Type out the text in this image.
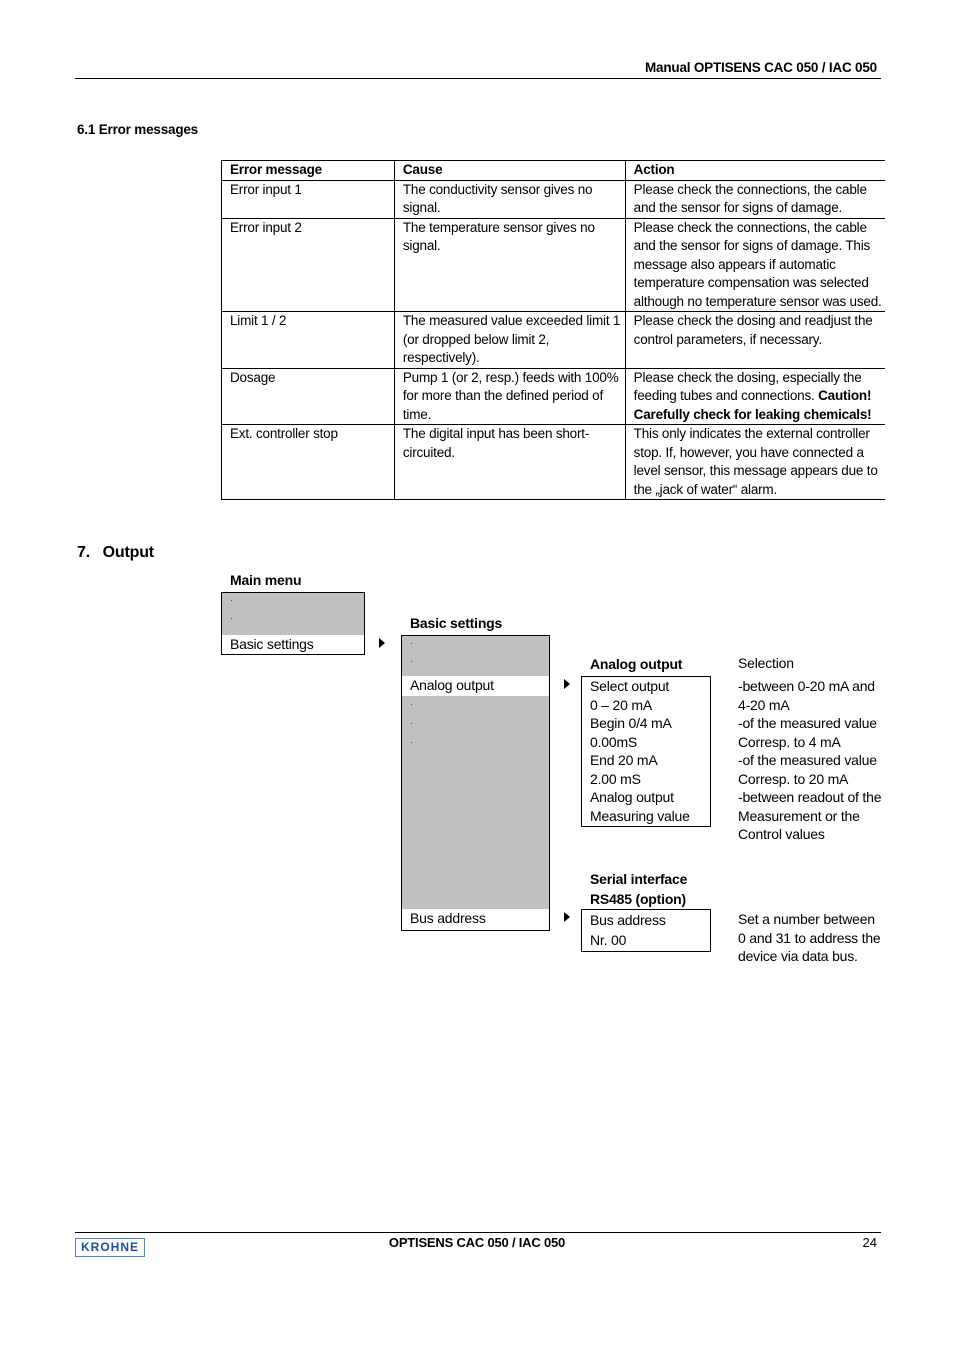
Manual OPTISENS CAC 050 / IAC 050
6.1 Error messages
Error message	Cause	Action
Error input 1	The conductivity sensor gives no signal.	Please check the connections, the cable and the sensor for signs of damage.
Error input 2	The temperature sensor gives no signal.	Please check the connections, the cable and the sensor for signs of damage. This message also appears if automatic temperature compensation was selected although no temperature sensor was used.
Limit 1 / 2	The measured value exceeded limit 1 (or dropped below limit 2, respectively).	Please check the dosing and readjust the control parameters, if necessary.
Dosage	Pump 1 (or 2, resp.) feeds with 100% for more than the defined period of time.	Please check the dosing, especially the feeding tubes and connections. Caution! Carefully check for leaking chemicals!
Ext. controller stop	The digital input has been short-circuited.	This only indicates the external controller stop. If, however, you have connected a level sensor, this message appears due to the „jack of water“ alarm.
7.   Output
Main menu
·
·
Basic settings
Basic settings
·
·
Analog output
·
·
·
Bus address
Analog output
Select output
0 – 20 mA
Begin 0/4 mA
0.00mS
End 20 mA
2.00 mS
Analog output
Measuring value
Selection
-between 0-20 mA and
4-20 mA
-of the measured value
Corresp. to 4 mA
-of the measured value
Corresp. to 20 mA
-between readout of the
Measurement or the
Control values
Serial interface
RS485 (option)
Bus address
Nr. 00
Set a number between
0 and 31 to address the
device via data bus.
KROHNE	OPTISENS CAC 050 / IAC 050	24
